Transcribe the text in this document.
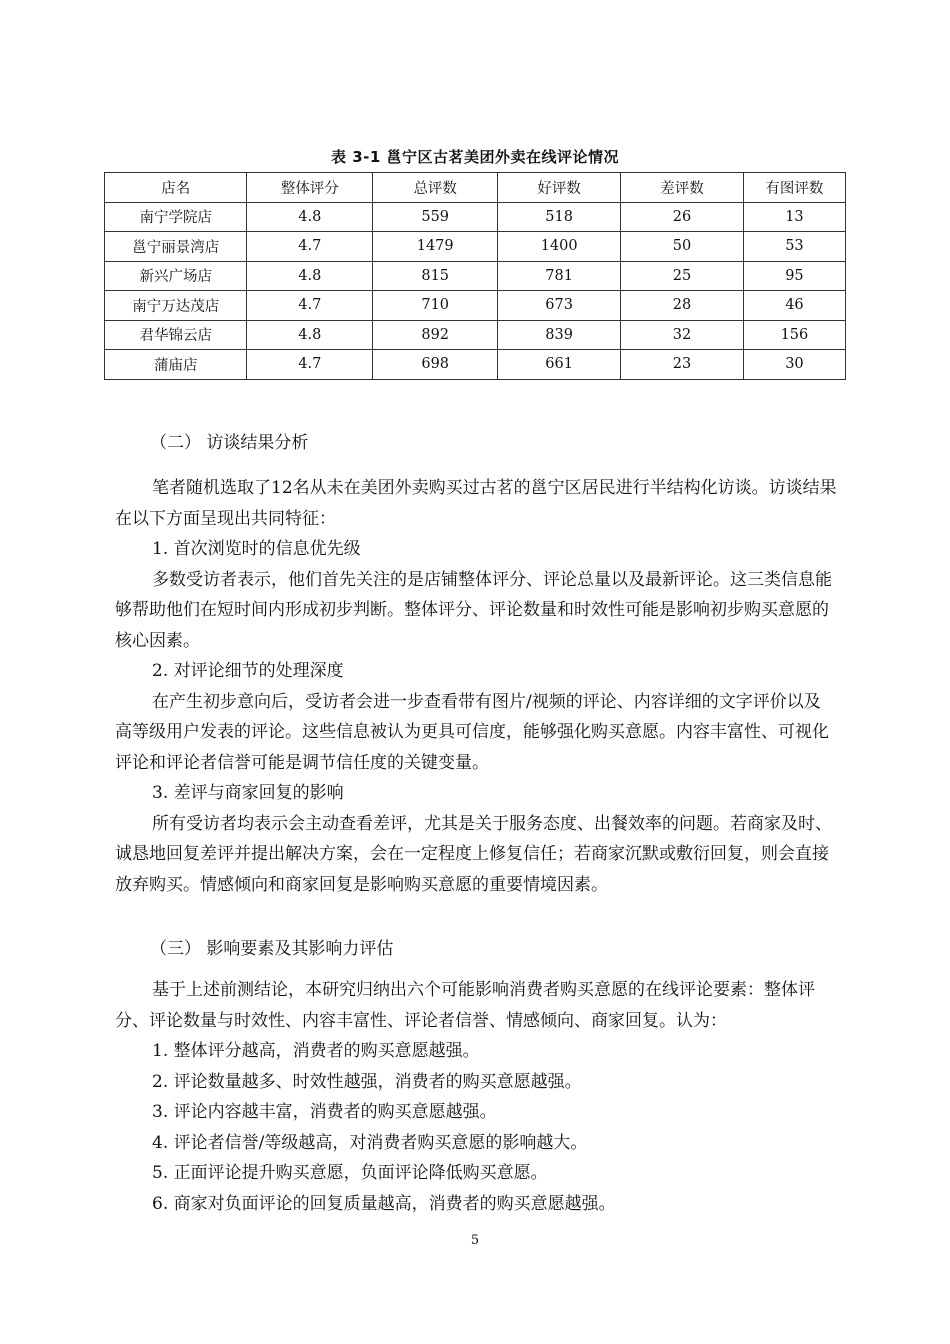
表 3-1 邕宁区古茗美团外卖在线评论情况
店名	整体评分	总评数	好评数	差评数	有图评数
南宁学院店	4.8	559	518	26	13
邕宁丽景湾店	4.7	1479	1400	50	53
新兴广场店	4.8	815	781	25	95
南宁万达茂店	4.7	710	673	28	46
君华锦云店	4.8	892	839	32	156
蒲庙店	4.7	698	661	23	30
（二） 访谈结果分析

笔者随机选取了12名从未在美团外卖购买过古茗的邕宁区居民进行半结构化访谈。访谈结果在以下方面呈现出共同特征：

1. 首次浏览时的信息优先级

多数受访者表示，他们首先关注的是店铺整体评分、评论总量以及最新评论。这三类信息能够帮助他们在短时间内形成初步判断。整体评分、评论数量和时效性可能是影响初步购买意愿的核心因素。

2. 对评论细节的处理深度

在产生初步意向后，受访者会进一步查看带有图片/视频的评论、内容详细的文字评价以及高等级用户发表的评论。这些信息被认为更具可信度，能够强化购买意愿。内容丰富性、可视化评论和评论者信誉可能是调节信任度的关键变量。

3. 差评与商家回复的影响

所有受访者均表示会主动查看差评，尤其是关于服务态度、出餐效率的问题。若商家及时、诚恳地回复差评并提出解决方案，会在一定程度上修复信任；若商家沉默或敷衍回复，则会直接放弃购买。情感倾向和商家回复是影响购买意愿的重要情境因素。

（三） 影响要素及其影响力评估

基于上述前测结论，本研究归纳出六个可能影响消费者购买意愿的在线评论要素：整体评分、评论数量与时效性、内容丰富性、评论者信誉、情感倾向、商家回复。认为：

1. 整体评分越高，消费者的购买意愿越强。

2. 评论数量越多、时效性越强，消费者的购买意愿越强。

3. 评论内容越丰富，消费者的购买意愿越强。

4. 评论者信誉/等级越高，对消费者购买意愿的影响越大。

5. 正面评论提升购买意愿，负面评论降低购买意愿。

6. 商家对负面评论的回复质量越高，消费者的购买意愿越强。

5
